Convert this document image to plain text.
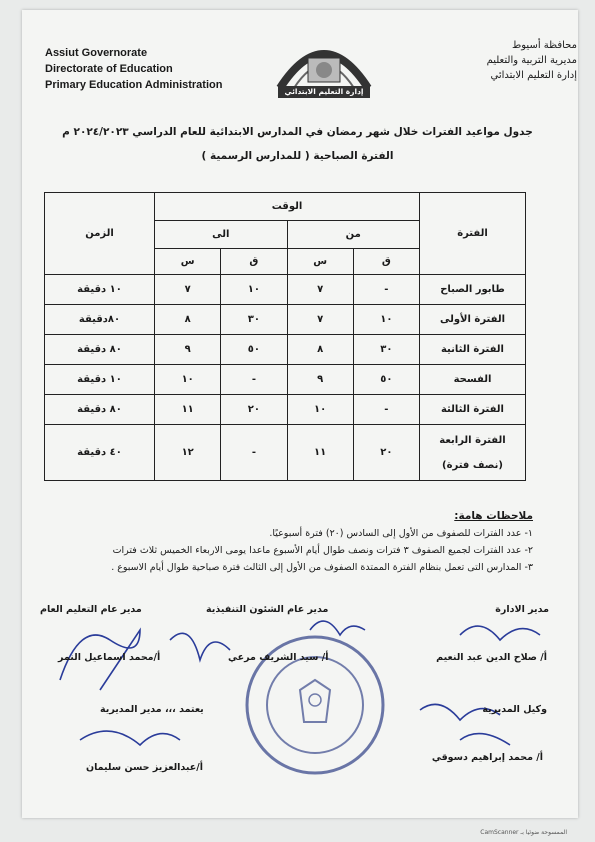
Assiut Governorate
Directorate of Education
Primary Education Administration
إدارة التعليم الابتدائي
محافظة أسيوط
مديرية التربية والتعليم
إدارة التعليم الابتدائي
جدول مواعيد الفترات خلال شهر رمضان في المدارس الابتدائية للعام الدراسي ٢٠٢٤/٢٠٢٣ م
الفترة الصباحية ( للمدارس الرسمية )
الفترة	الوقت				الزمن
	من		الى		
	ق	س	ق	س	
طابور الصباح	-	٧	١٠	٧	١٠ دقيقة
الفترة الأولى	١٠	٧	٣٠	٨	٨٠دقيقة
الفترة الثانية	٣٠	٨	٥٠	٩	٨٠ دقيقة
الفسحة	٥٠	٩	-	١٠	١٠ دقيقة
الفترة الثالثة	-	١٠	٢٠	١١	٨٠ دقيقة

الفترة الرابعة
(نصف فترة)	٢٠	١١	-	١٢	٤٠ دقيقة
ملاحظات هامة:
١- عدد الفترات للصفوف من الأول إلى السادس (٢٠) فترة أسبوعيًا.
٢- عدد الفترات لجميع الصفوف ٣ فترات ونصف طوال أيام الأسبوع ماعدا يومى الاربعاء الخميس ثلاث فترات
٣- المدارس التى تعمل بنظام الفترة الممتدة الصفوف من الأول إلى الثالث فترة صباحية طوال أيام الاسبوع .
مدير الادارة
أ/ صلاح الدين عبد النعيم
مدير عام الشئون التنفيذية
أ/ سيد الشريف مرعي
مدير عام التعليم العام
أ/محمد اسماعيل النمر
وكيل المديرية
أ/ محمد إبراهيم دسوقي
يعتمد ،،، مدير المديرية
أ/عبدالعزيز حسن سليمان
الممسوحة ضوئيا بـ CamScanner
